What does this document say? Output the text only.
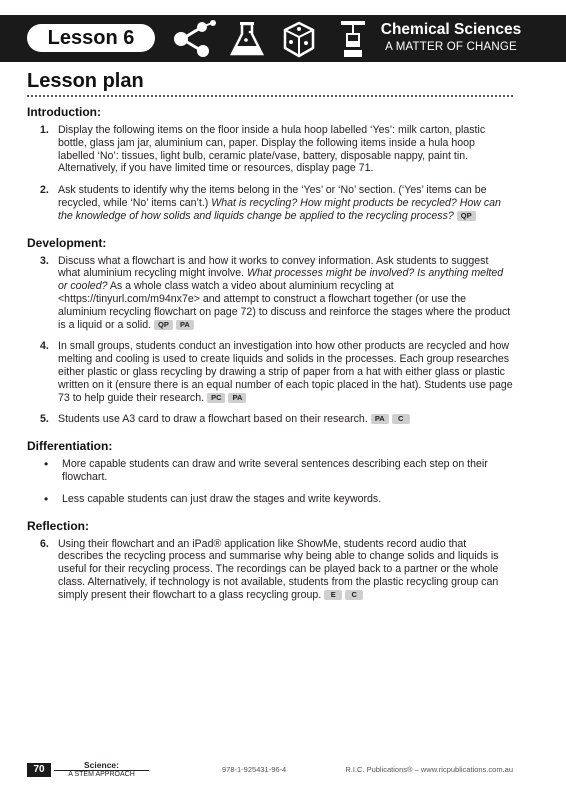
Lesson 6	Chemical Sciences
A MATTER OF CHANGE
Lesson plan
Introduction:
1. Display the following items on the floor inside a hula hoop labelled ‘Yes’: milk carton, plastic bottle, glass jam jar, aluminium can, paper. Display the following items inside a hula hoop labelled ‘No’: tissues, light bulb, ceramic plate/vase, battery, disposable nappy, paint tin. Alternatively, if you have limited time or resources, display page 71.
2. Ask students to identify why the items belong in the ‘Yes’ or ‘No’ section. (‘Yes’ items can be recycled, while ‘No’ items can’t.) What is recycling? How might products be recycled? How can the knowledge of how solids and liquids change be applied to the recycling process? QP
Development:
3. Discuss what a flowchart is and how it works to convey information. Ask students to suggest what aluminium recycling might involve. What processes might be involved? Is anything melted or cooled? As a whole class watch a video about aluminium recycling at <https://tinyurl.com/m94nx7e> and attempt to construct a flowchart together (or use the aluminium recycling flowchart on page 72) to discuss and reinforce the stages where the product is a liquid or a solid. QP PA
4. In small groups, students conduct an investigation into how other products are recycled and how melting and cooling is used to create liquids and solids in the processes. Each group researches either plastic or glass recycling by drawing a strip of paper from a hat with either glass or plastic written on it (ensure there is an equal number of each topic placed in the hat). Students use page 73 to help guide their research. PC PA
5. Students use A3 card to draw a flowchart based on their research. PA C
Differentiation:
• More capable students can draw and write several sentences describing each step on their flowchart.
• Less capable students can just draw the stages and write keywords.
Reflection:
6. Using their flowchart and an iPad® application like ShowMe, students record audio that describes the recycling process and summarise why being able to change solids and liquids is useful for their recycling process. The recordings can be played back to a partner or the whole class. Alternatively, if technology is not available, students from the plastic recycling group can simply present their flowchart to a glass recycling group. E C
70	Science:
A STEM APPROACH
978-1-925431-96-4	R.I.C. Publications® – www.ricpublications.com.au
